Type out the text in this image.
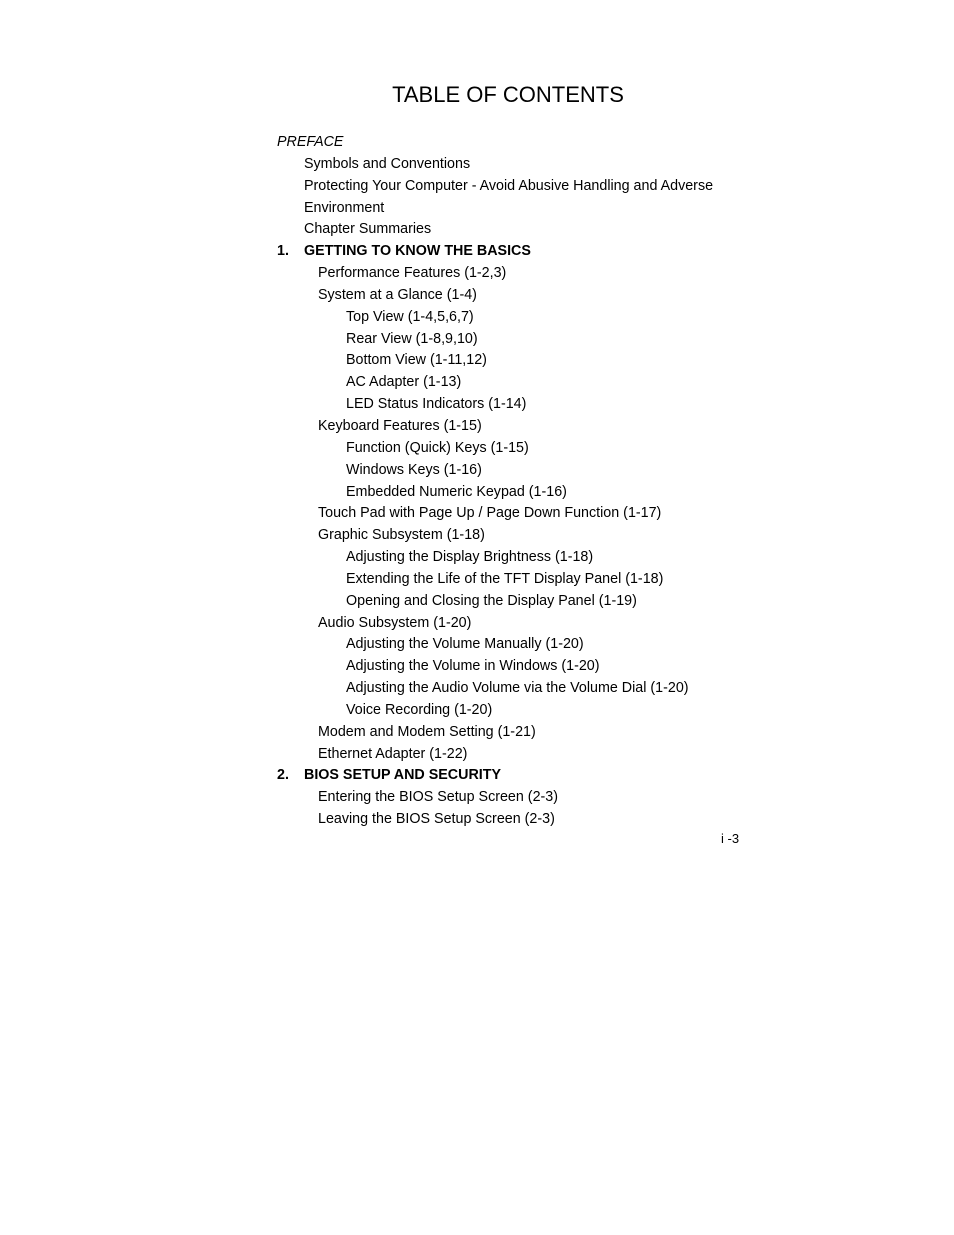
TABLE OF CONTENTS
PREFACE
Symbols and Conventions
Protecting Your Computer - Avoid Abusive Handling and Adverse
Environment
Chapter Summaries
1. GETTING TO KNOW THE BASICS
Performance Features (1-2,3)
System at a Glance (1-4)
Top View (1-4,5,6,7)
Rear View (1-8,9,10)
Bottom View (1-11,12)
AC Adapter (1-13)
LED Status Indicators (1-14)
Keyboard Features (1-15)
Function (Quick) Keys (1-15)
Windows Keys (1-16)
Embedded Numeric Keypad (1-16)
Touch Pad with Page Up / Page Down Function (1-17)
Graphic Subsystem (1-18)
Adjusting the Display Brightness (1-18)
Extending the Life of the TFT Display Panel (1-18)
Opening and Closing the Display Panel (1-19)
Audio Subsystem (1-20)
Adjusting the Volume Manually (1-20)
Adjusting the Volume in Windows (1-20)
Adjusting the Audio Volume via the Volume Dial (1-20)
Voice Recording (1-20)
Modem and Modem Setting (1-21)
Ethernet Adapter (1-22)
2. BIOS SETUP AND SECURITY
Entering the BIOS Setup Screen (2-3)
Leaving the BIOS Setup Screen (2-3)
i -3
